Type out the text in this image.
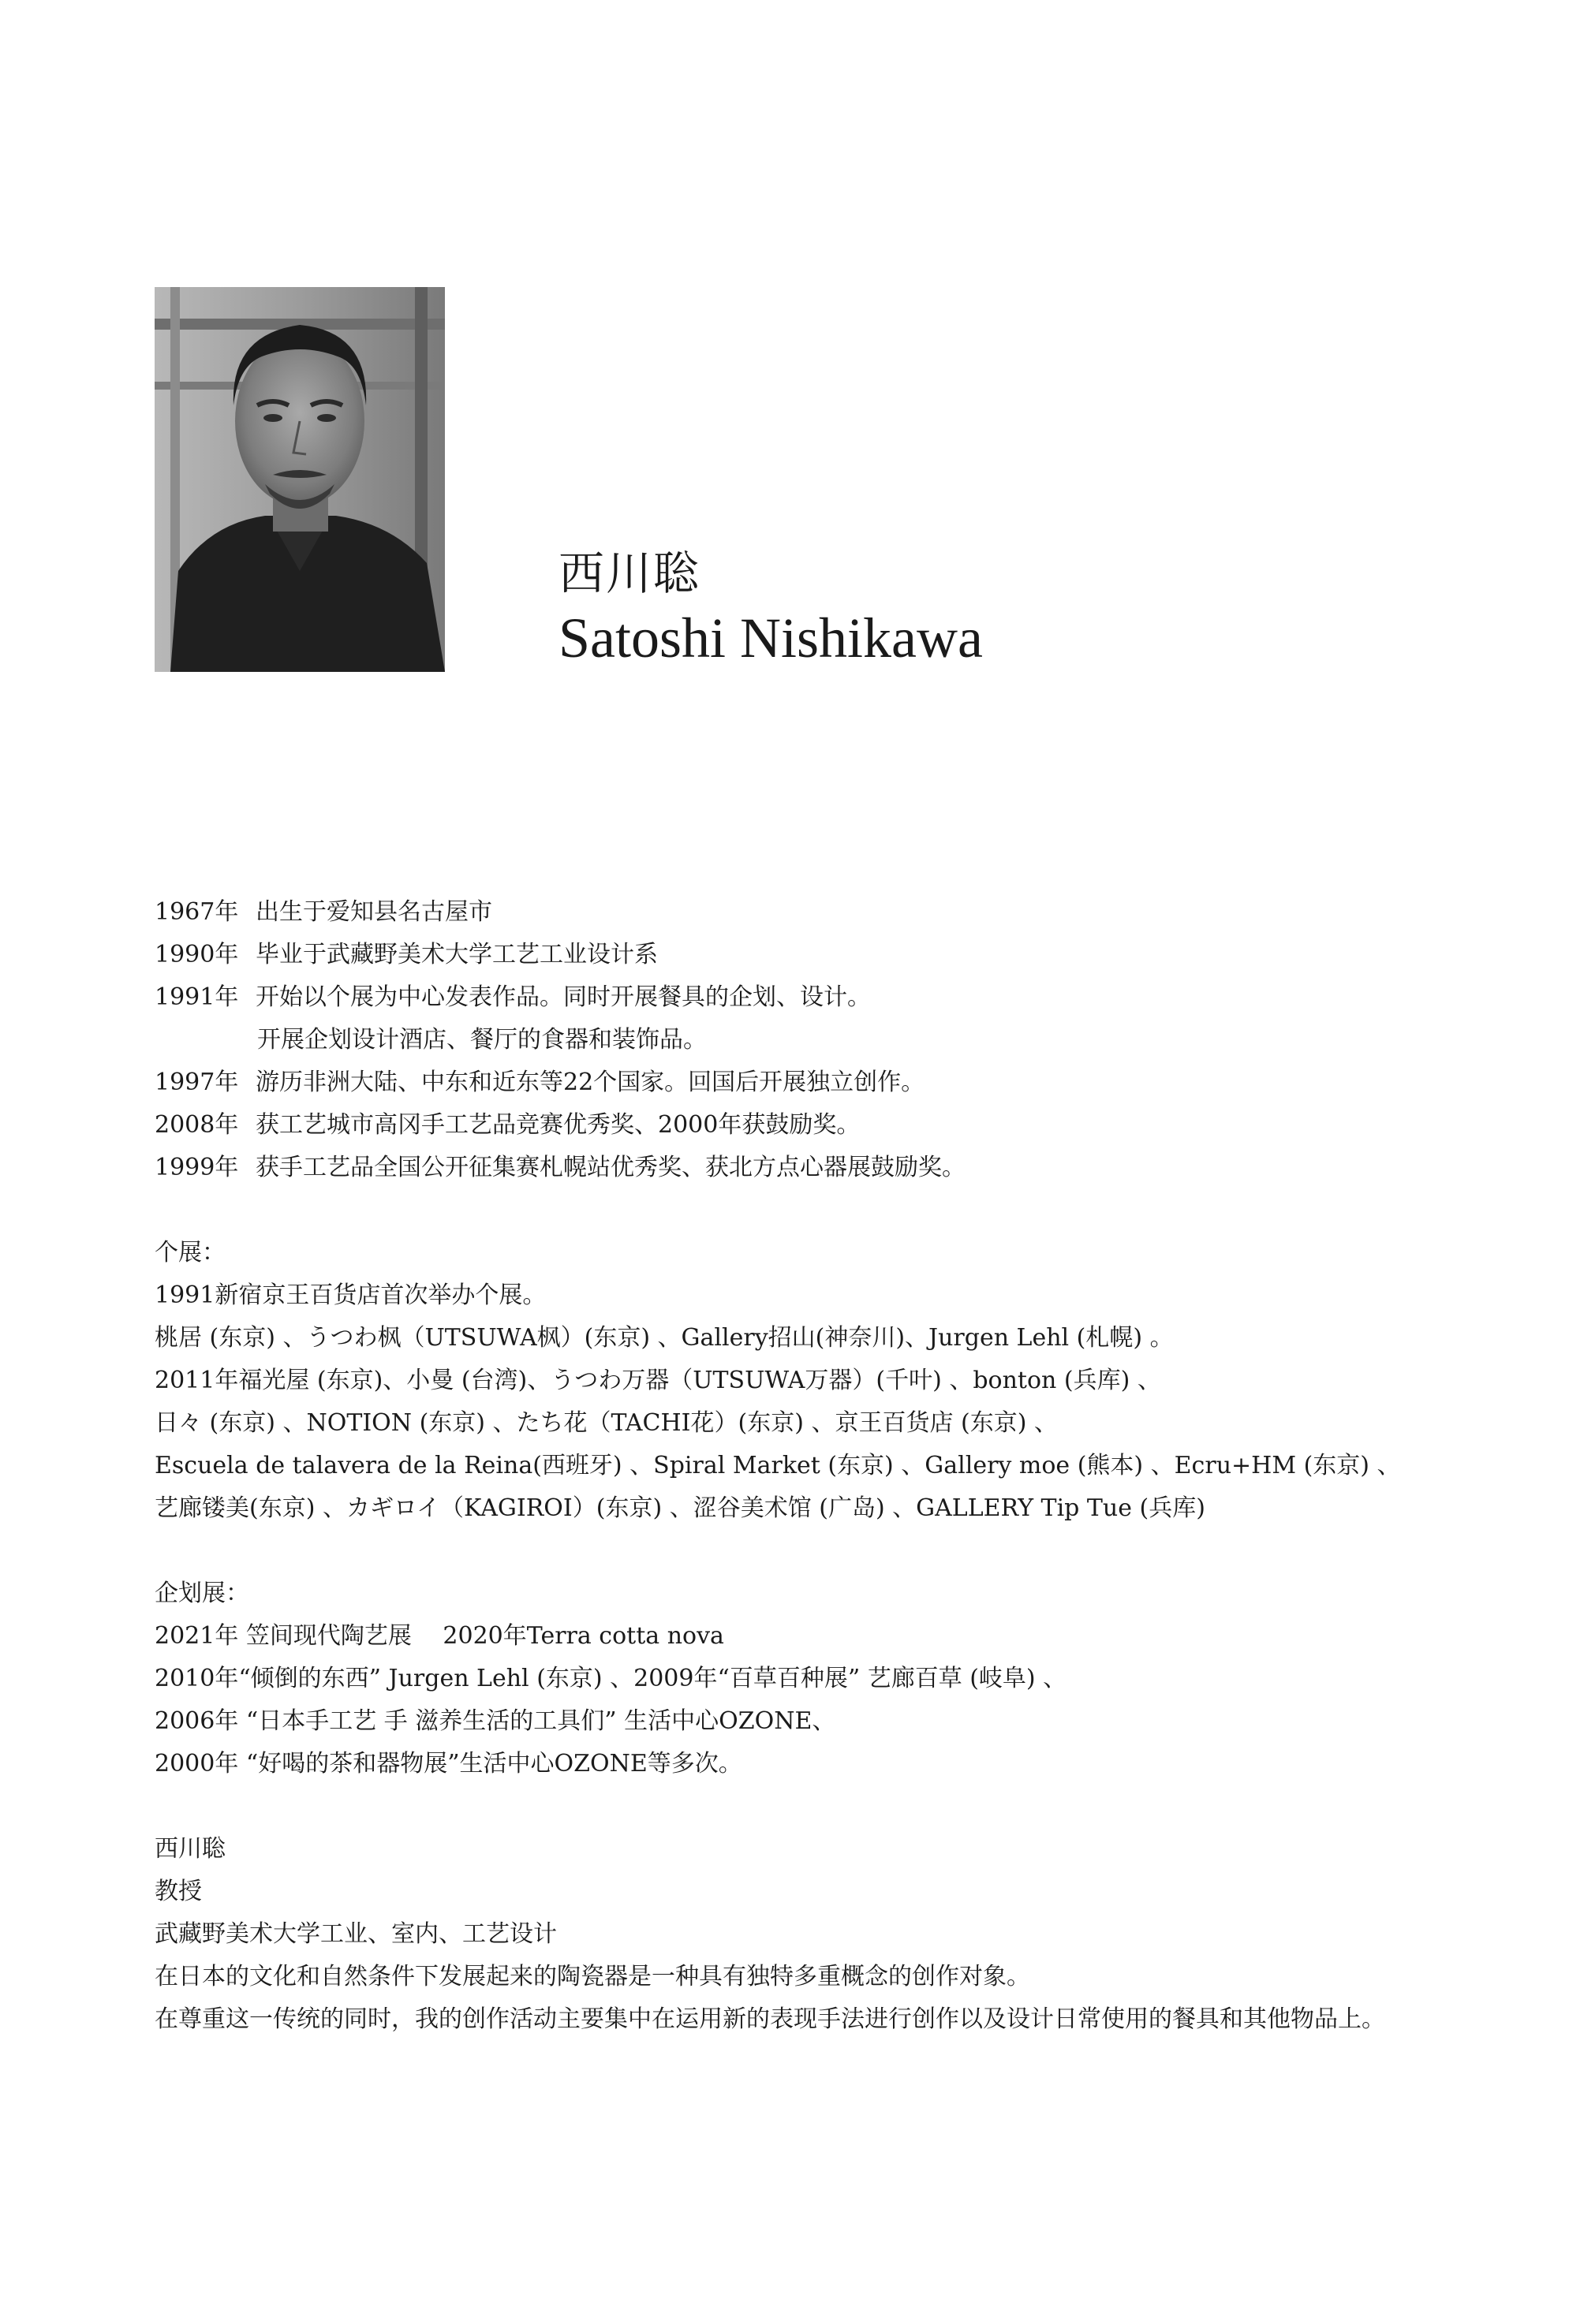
西川聡
Satoshi Nishikawa
1967年 出生于爱知县名古屋市
1990年 毕业于武藏野美术大学工艺工业设计系
1991年 开始以个展为中心发表作品。同时开展餐具的企划、设计。
开展企划设计酒店、餐厅的食器和装饰品。
1997年 游历非洲大陆、中东和近东等22个国家。回国后开展独立创作。
2008年 获工艺城市高冈手工艺品竞赛优秀奖、2000年获鼓励奖。
1999年 获手工艺品全国公开征集赛札幌站优秀奖、获北方点心器展鼓励奖。
个展：
1991新宿京王百货店首次举办个展。
桃居 (东京) 、うつわ枫（UTSUWA枫）(东京) 、Gallery招山(神奈川)、Jurgen Lehl (札幌) 。
2011年福光屋 (东京)、小曼 (台湾)、うつわ万器（UTSUWA万器）(千叶) 、bonton (兵库) 、
日々 (东京) 、NOTION (东京) 、たち花（TACHI花）(东京) 、京王百货店 (东京) 、
Escuela de talavera de la Reina(西班牙) 、Spiral Market (东京) 、Gallery moe (熊本) 、Ecru+HM (东京) 、
艺廊镂美(东京) 、カギロイ（KAGIROI）(东京) 、涩谷美术馆 (广岛) 、GALLERY Tip Tue (兵库)
企划展：
2021年 笠间现代陶艺展　 2020年Terra cotta nova
2010年“倾倒的东西” Jurgen Lehl (东京) 、2009年“百草百种展” 艺廊百草 (岐阜) 、
2006年 “日本手工艺 手 滋养生活的工具们” 生活中心OZONE、
2000年 “好喝的茶和器物展”生活中心OZONE等多次。
西川聡
教授
武藏野美术大学工业、室内、工艺设计
在日本的文化和自然条件下发展起来的陶瓷器是一种具有独特多重概念的创作对象。
在尊重这一传统的同时，我的创作活动主要集中在运用新的表现手法进行创作以及设计日常使用的餐具和其他物品上。
